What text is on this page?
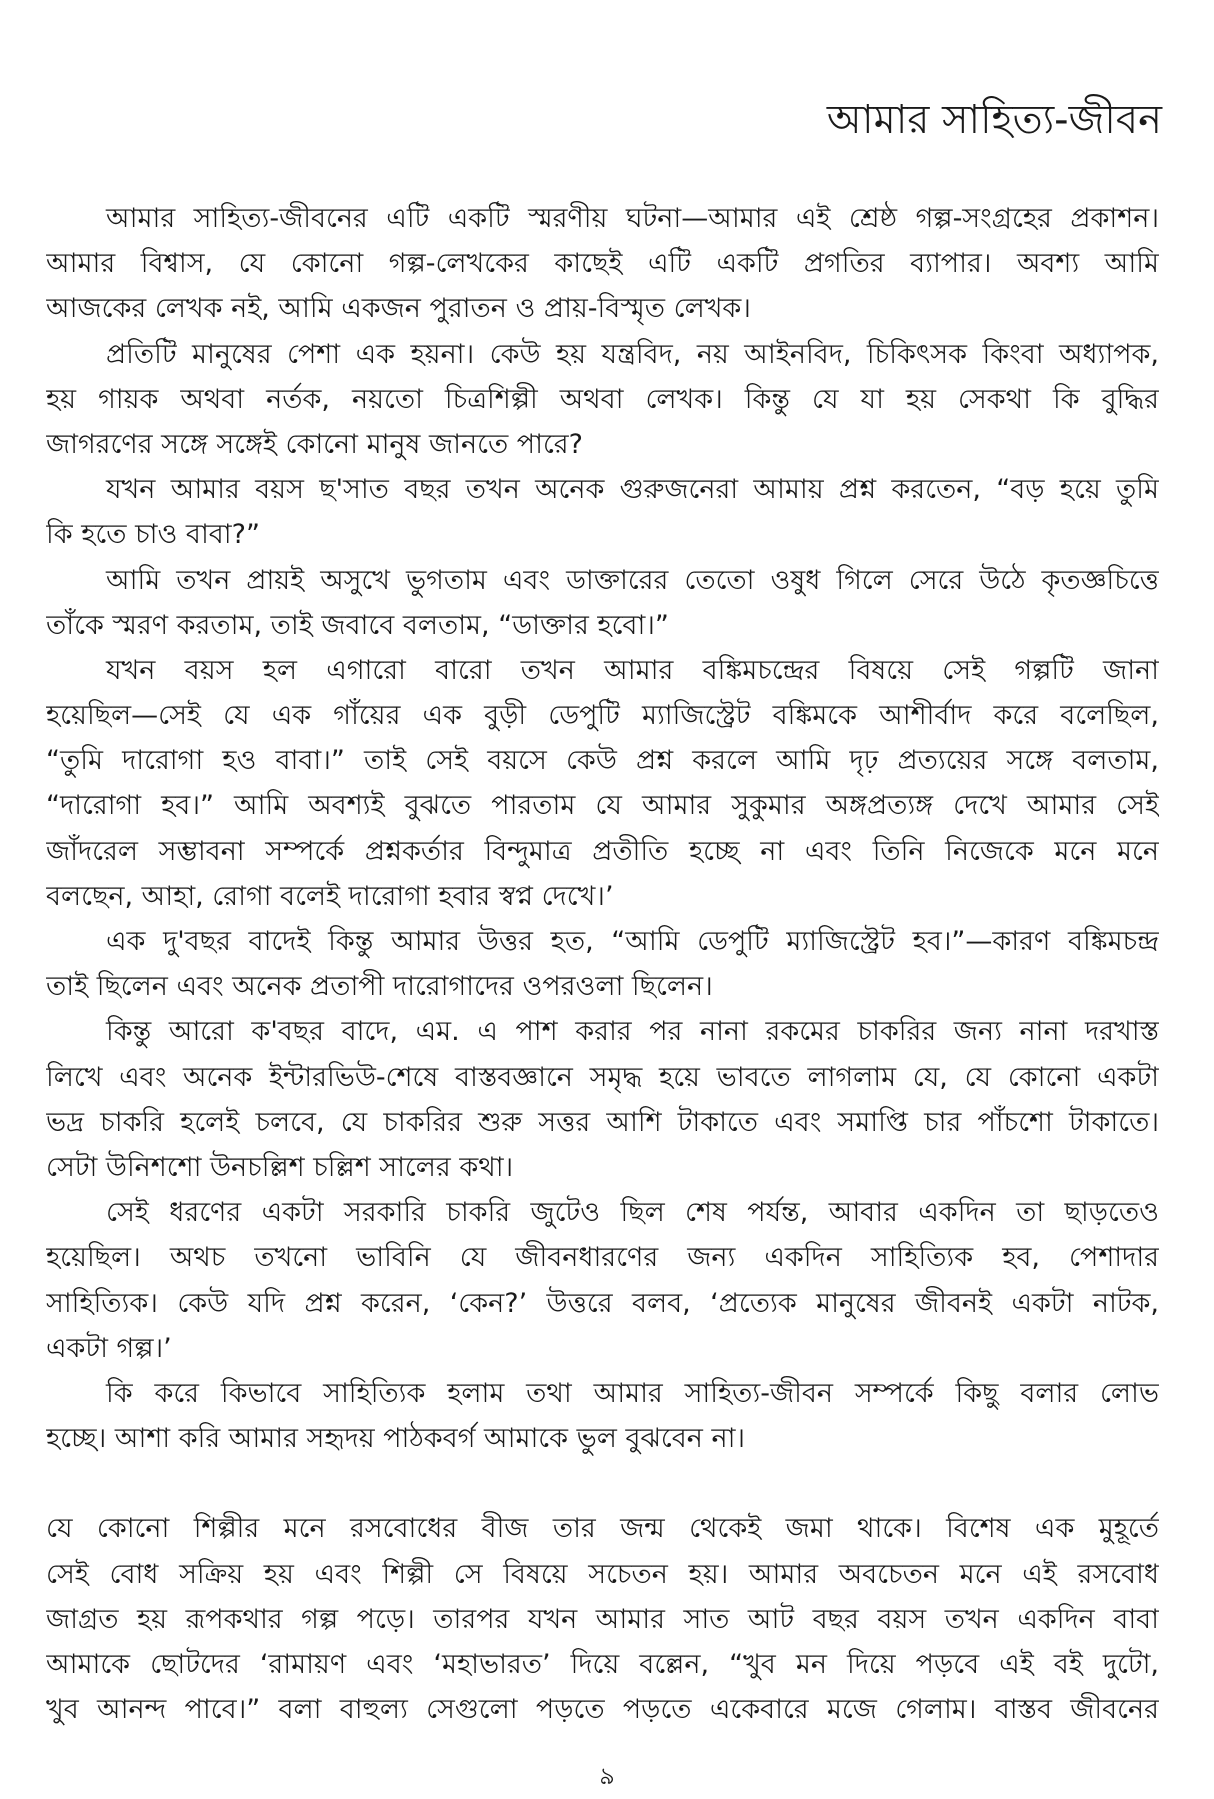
আমার সাহিত্য-জীবন
আমার সাহিত্য-জীবনের এটি একটি স্মরণীয় ঘটনা—আমার এই শ্রেষ্ঠ গল্প-সংগ্রহের প্রকাশন।
আমার বিশ্বাস, যে কোনো গল্প-লেখকের কাছেই এটি একটি প্রগতির ব্যাপার। অবশ্য আমি
আজকের লেখক নই, আমি একজন পুরাতন ও প্রায়-বিস্মৃত লেখক।
প্রতিটি মানুষের পেশা এক হয়না। কেউ হয় যন্ত্রবিদ, নয় আইনবিদ, চিকিৎসক কিংবা অধ্যাপক,
হয় গায়ক অথবা নর্তক, নয়তো চিত্রশিল্পী অথবা লেখক। কিন্তু যে যা হয় সেকথা কি বুদ্ধির
জাগরণের সঙ্গে সঙ্গেই কোনো মানুষ জানতে পারে?
যখন আমার বয়স ছ'সাত বছর তখন অনেক গুরুজনেরা আমায় প্রশ্ন করতেন, “বড় হয়ে তুমি
কি হতে চাও বাবা?”
আমি তখন প্রায়ই অসুখে ভুগতাম এবং ডাক্তারের তেতো ওষুধ গিলে সেরে উঠে কৃতজ্ঞচিত্তে
তাঁকে স্মরণ করতাম, তাই জবাবে বলতাম, “ডাক্তার হবো।”
যখন বয়স হল এগারো বারো তখন আমার বঙ্কিমচন্দ্রের বিষয়ে সেই গল্পটি জানা
হয়েছিল—সেই যে এক গাঁয়ের এক বুড়ী ডেপুটি ম্যাজিস্ট্রেট বঙ্কিমকে আশীর্বাদ করে বলেছিল,
“তুমি দারোগা হও বাবা।” তাই সেই বয়সে কেউ প্রশ্ন করলে আমি দৃঢ় প্রত্যয়ের সঙ্গে বলতাম,
“দারোগা হব।” আমি অবশ্যই বুঝতে পারতাম যে আমার সুকুমার অঙ্গপ্রত্যঙ্গ দেখে আমার সেই
জাঁদরেল সম্ভাবনা সম্পর্কে প্রশ্নকর্তার বিন্দুমাত্র প্রতীতি হচ্ছে না এবং তিনি নিজেকে মনে মনে
বলছেন, আহা, রোগা বলেই দারোগা হবার স্বপ্ন দেখে।’
এক দু'বছর বাদেই কিন্তু আমার উত্তর হত, “আমি ডেপুটি ম্যাজিস্ট্রেট হব।”—কারণ বঙ্কিমচন্দ্র
তাই ছিলেন এবং অনেক প্রতাপী দারোগাদের ওপরওলা ছিলেন।
কিন্তু আরো ক'বছর বাদে, এম. এ পাশ করার পর নানা রকমের চাকরির জন্য নানা দরখাস্ত
লিখে এবং অনেক ইন্টারভিউ-শেষে বাস্তবজ্ঞানে সমৃদ্ধ হয়ে ভাবতে লাগলাম যে, যে কোনো একটা
ভদ্র চাকরি হলেই চলবে, যে চাকরির শুরু সত্তর আশি টাকাতে এবং সমাপ্তি চার পাঁচশো টাকাতে।
সেটা উনিশশো উনচল্লিশ চল্লিশ সালের কথা।
সেই ধরণের একটা সরকারি চাকরি জুটেও ছিল শেষ পর্যন্ত, আবার একদিন তা ছাড়তেও
হয়েছিল। অথচ তখনো ভাবিনি যে জীবনধারণের জন্য একদিন সাহিত্যিক হব, পেশাদার
সাহিত্যিক। কেউ যদি প্রশ্ন করেন, ‘কেন?’ উত্তরে বলব, ‘প্রত্যেক মানুষের জীবনই একটা নাটক,
একটা গল্প।’
কি করে কিভাবে সাহিত্যিক হলাম তথা আমার সাহিত্য-জীবন সম্পর্কে কিছু বলার লোভ
হচ্ছে। আশা করি আমার সহৃদয় পাঠকবর্গ আমাকে ভুল বুঝবেন না।
যে কোনো শিল্পীর মনে রসবোধের বীজ তার জন্ম থেকেই জমা থাকে। বিশেষ এক মুহূর্তে
সেই বোধ সক্রিয় হয় এবং শিল্পী সে বিষয়ে সচেতন হয়। আমার অবচেতন মনে এই রসবোধ
জাগ্রত হয় রূপকথার গল্প পড়ে। তারপর যখন আমার সাত আট বছর বয়স তখন একদিন বাবা
আমাকে ছোটদের ‘রামায়ণ এবং ‘মহাভারত’ দিয়ে বল্লেন, “খুব মন দিয়ে পড়বে এই বই দুটো,
খুব আনন্দ পাবে।” বলা বাহুল্য সেগুলো পড়তে পড়তে একেবারে মজে গেলাম। বাস্তব জীবনের
৯
